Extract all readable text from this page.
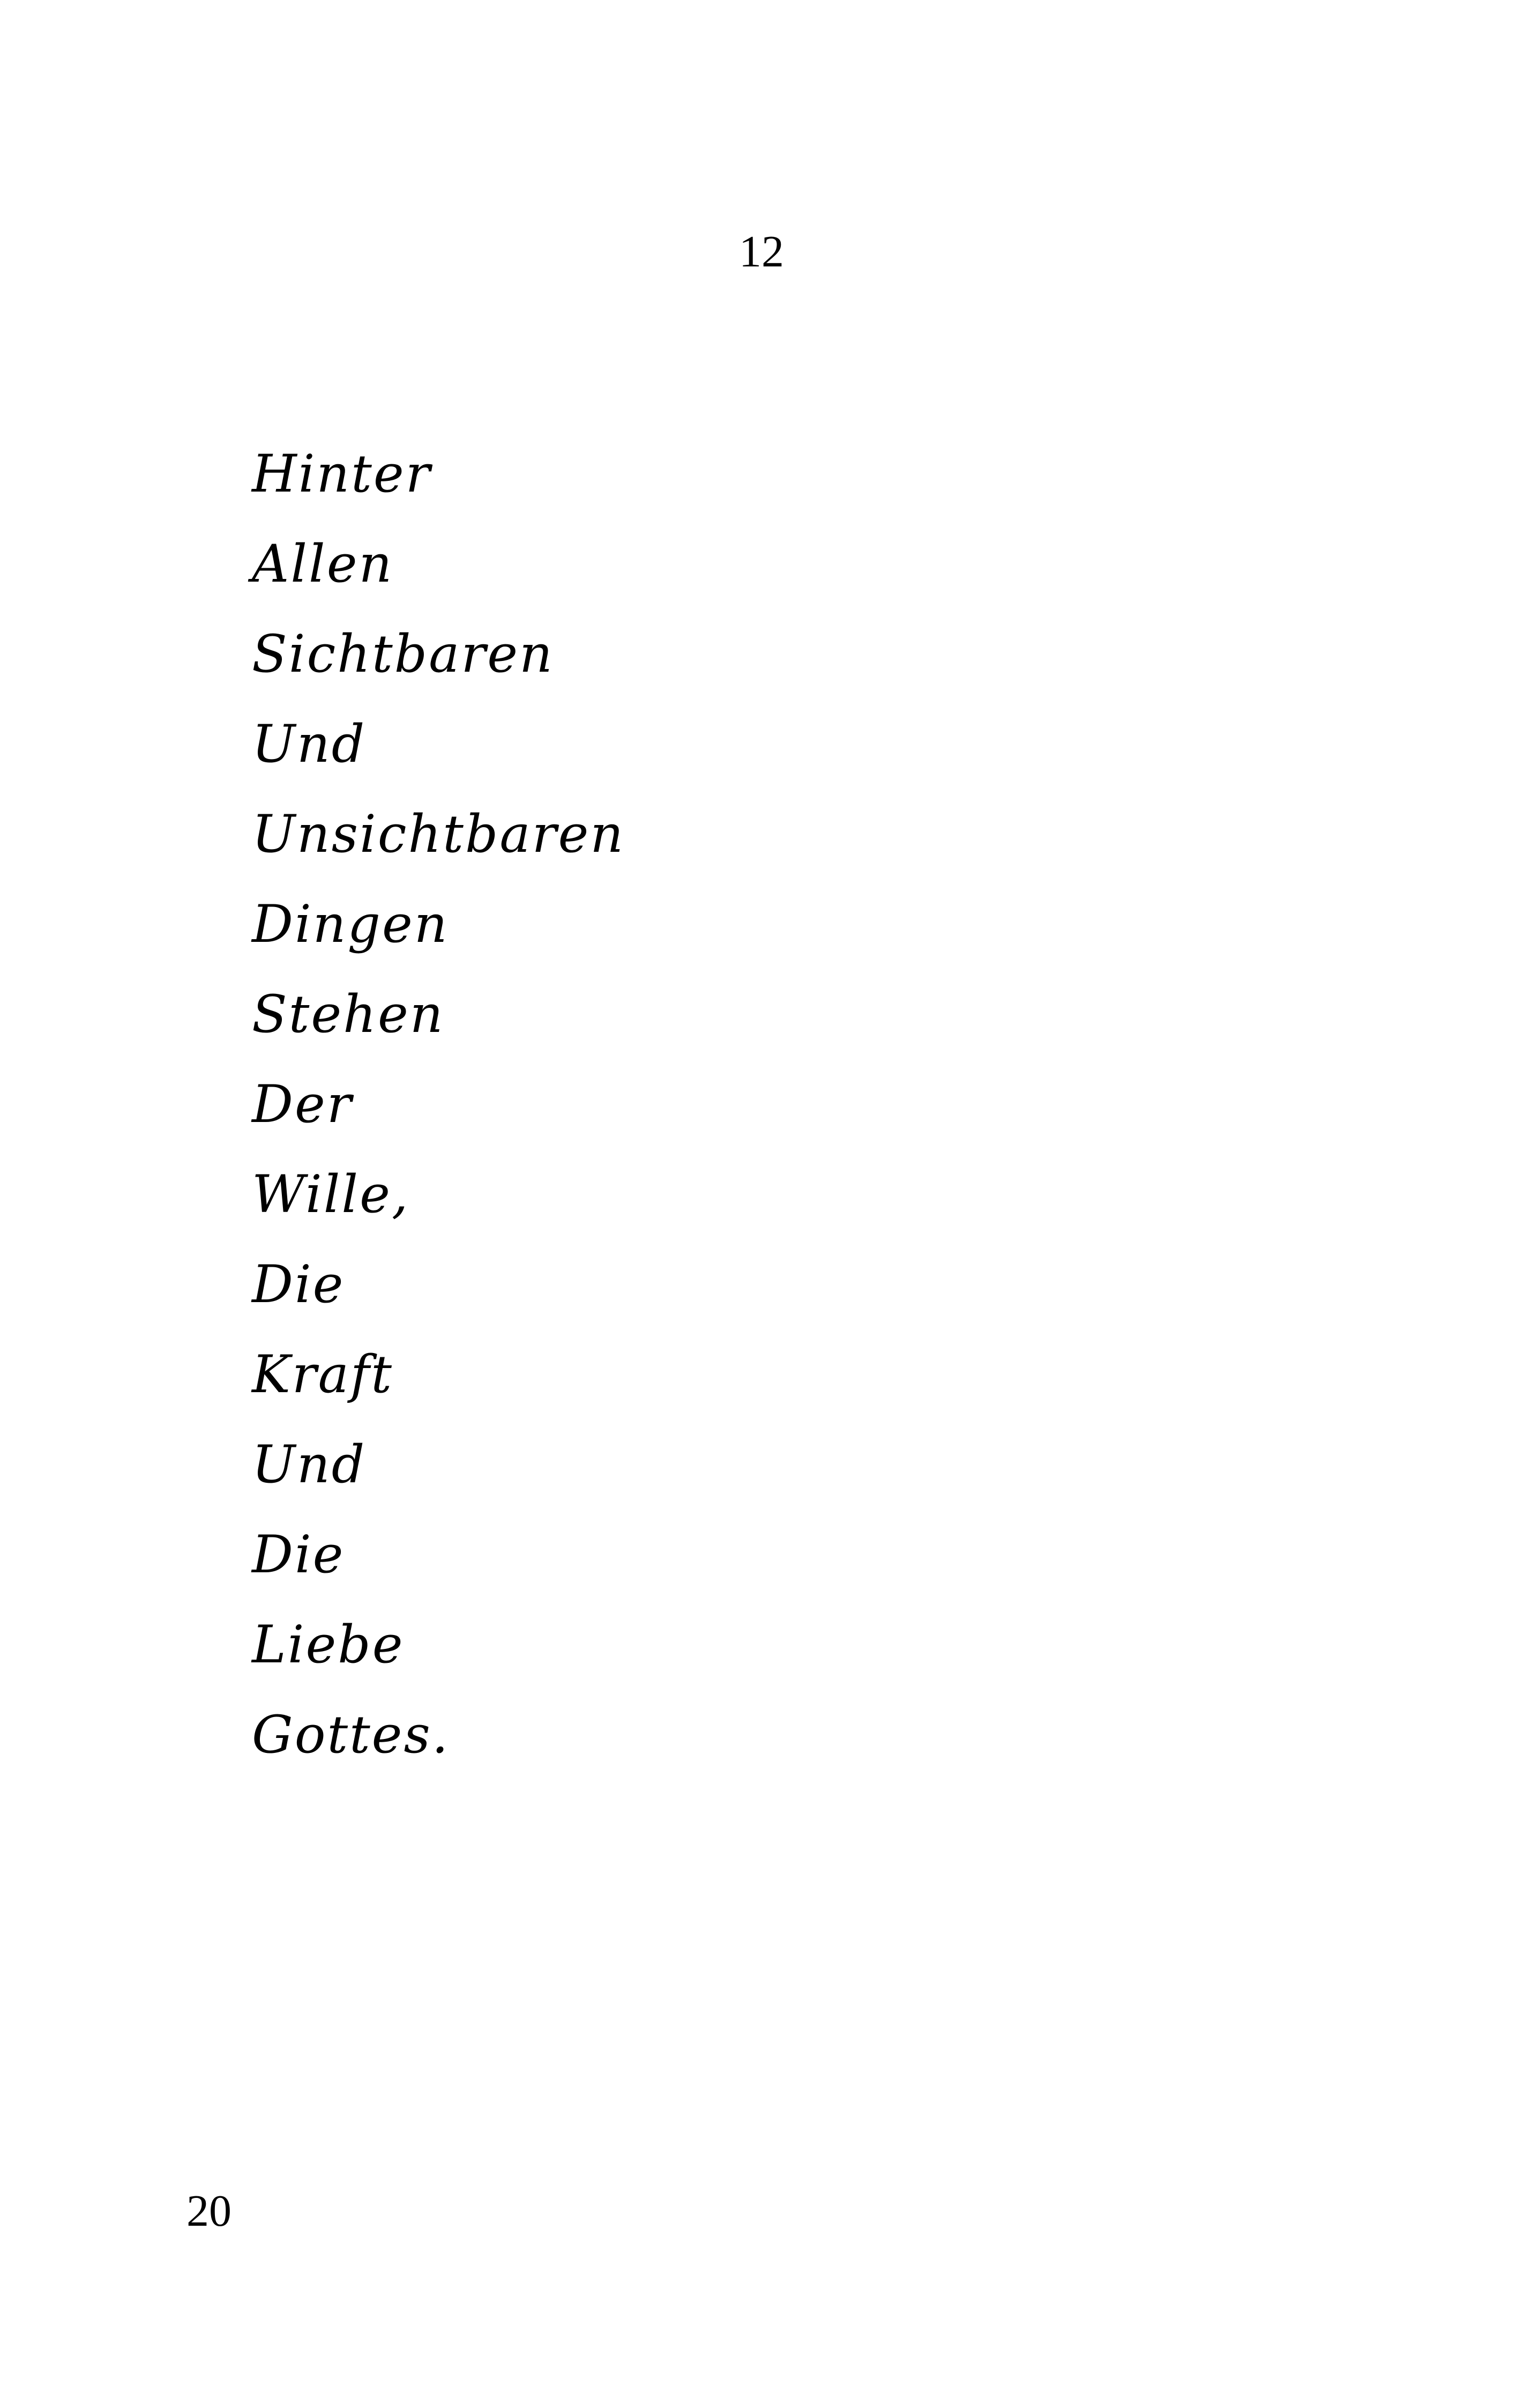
12

Hinter
Allen
Sichtbaren
Und
Unsichtbaren
Dingen
Stehen
Der
Wille,
Die
Kraft
Und
Die
Liebe
Gottes.

20
